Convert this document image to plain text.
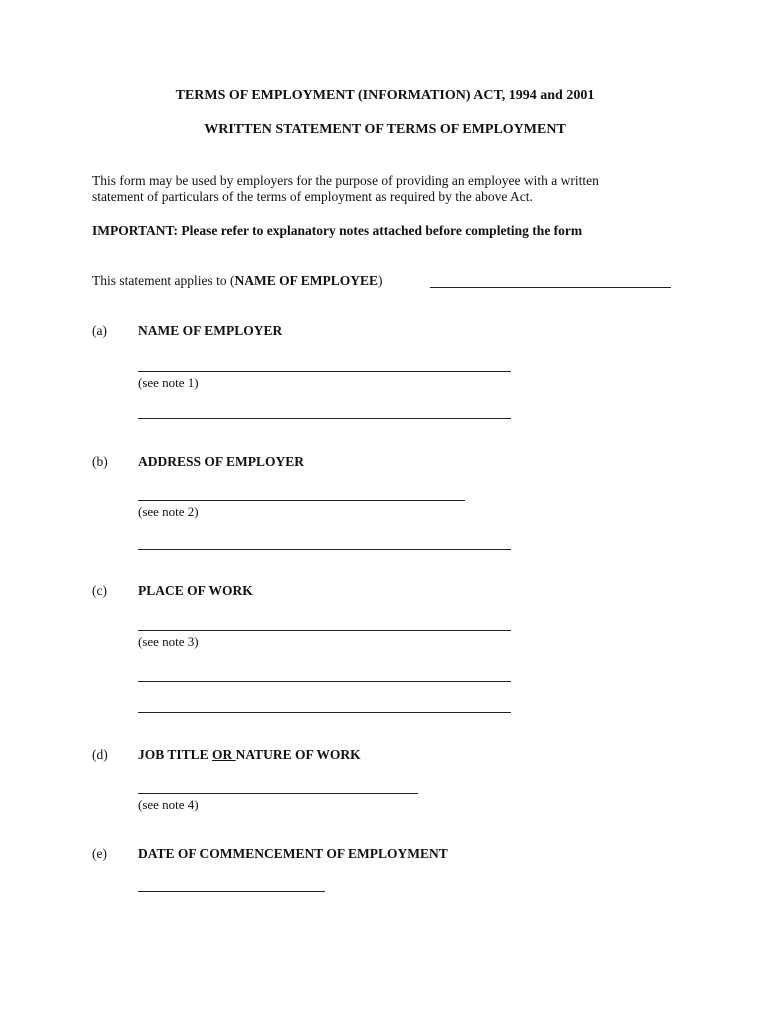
TERMS OF EMPLOYMENT (INFORMATION) ACT, 1994 and 2001
WRITTEN STATEMENT OF TERMS OF EMPLOYMENT
This form may be used by employers for the purpose of providing an employee with a written
statement of particulars of the terms of employment as required by the above Act.
IMPORTANT: Please refer to explanatory notes attached before completing the form
This statement applies to (NAME OF EMPLOYEE)
(a) NAME OF EMPLOYER
(see note 1)
(b) ADDRESS OF EMPLOYER
(see note 2)
(c) PLACE OF WORK
(see note 3)
(d) JOB TITLE OR NATURE OF WORK
(see note 4)
(e) DATE OF COMMENCEMENT OF EMPLOYMENT
